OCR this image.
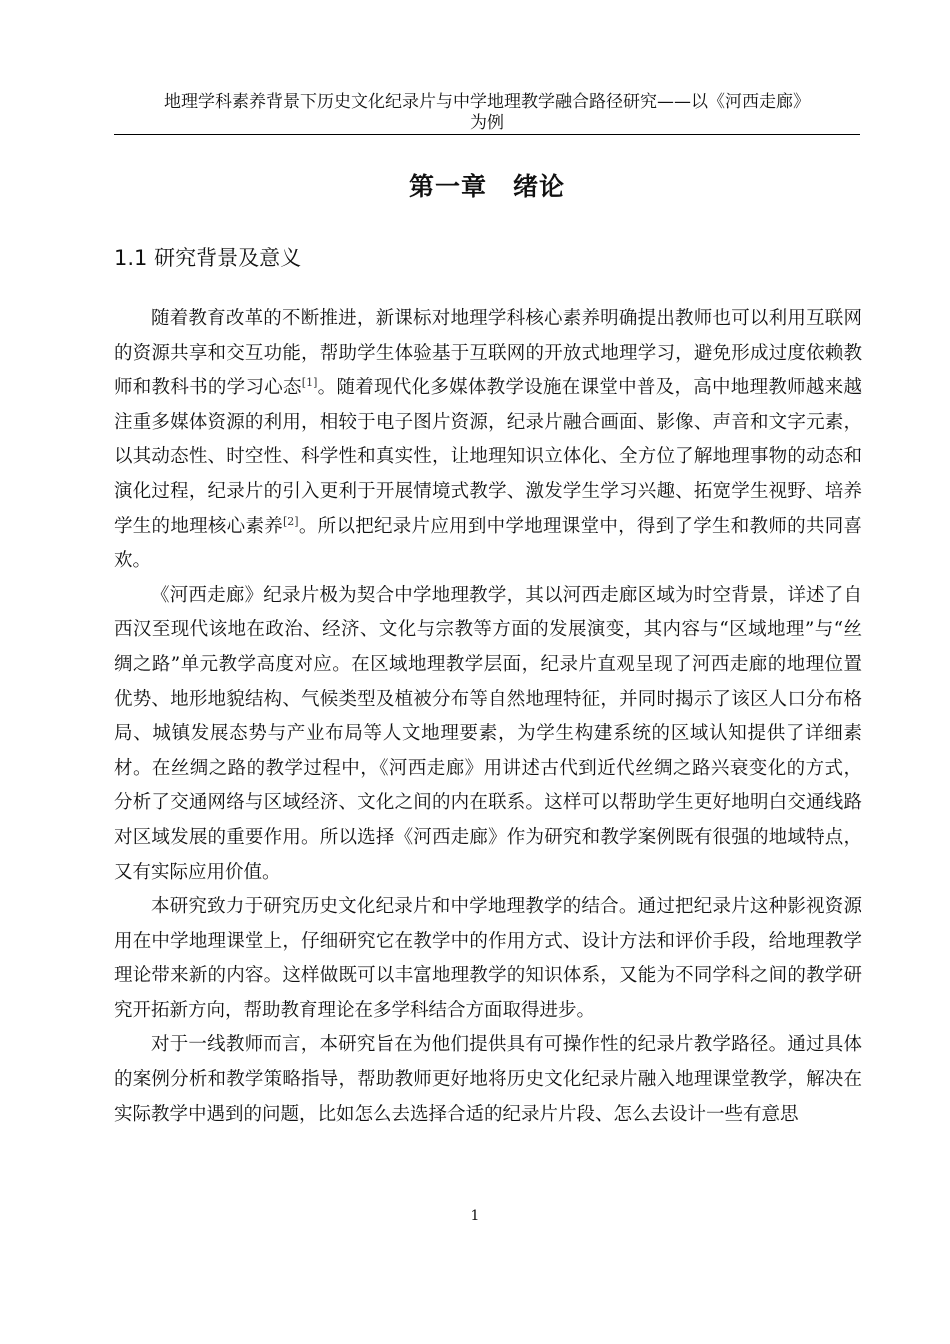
地理学科素养背景下历史文化纪录片与中学地理教学融合路径研究——以《河西走廊》
为例
第一章 绪论
1.1 研究背景及意义

随着教育改革的不断推进，新课标对地理学科核心素养明确提出教师也可以利用互联网的资源共享和交互功能，帮助学生体验基于互联网的开放式地理学习，避免形成过度依赖教师和教科书的学习心态[1]。随着现代化多媒体教学设施在课堂中普及，高中地理教师越来越注重多媒体资源的利用，相较于电子图片资源，纪录片融合画面、影像、声音和文字元素，以其动态性、时空性、科学性和真实性，让地理知识立体化、全方位了解地理事物的动态和演化过程，纪录片的引入更利于开展情境式教学、激发学生学习兴趣、拓宽学生视野、培养学生的地理核心素养[2]。所以把纪录片应用到中学地理课堂中，得到了学生和教师的共同喜欢。

《河西走廊》纪录片极为契合中学地理教学，其以河西走廊区域为时空背景，详述了自西汉至现代该地在政治、经济、文化与宗教等方面的发展演变，其内容与“区域地理”与“丝绸之路”单元教学高度对应。在区域地理教学层面，纪录片直观呈现了河西走廊的地理位置优势、地形地貌结构、气候类型及植被分布等自然地理特征，并同时揭示了该区人口分布格局、城镇发展态势与产业布局等人文地理要素，为学生构建系统的区域认知提供了详细素材。在丝绸之路的教学过程中，《河西走廊》用讲述古代到近代丝绸之路兴衰变化的方式，分析了交通网络与区域经济、文化之间的内在联系。这样可以帮助学生更好地明白交通线路对区域发展的重要作用。所以选择《河西走廊》作为研究和教学案例既有很强的地域特点，又有实际应用价值。

本研究致力于研究历史文化纪录片和中学地理教学的结合。通过把纪录片这种影视资源用在中学地理课堂上，仔细研究它在教学中的作用方式、设计方法和评价手段，给地理教学理论带来新的内容。这样做既可以丰富地理教学的知识体系，又能为不同学科之间的教学研究开拓新方向，帮助教育理论在多学科结合方面取得进步。

对于一线教师而言，本研究旨在为他们提供具有可操作性的纪录片教学路径。通过具体的案例分析和教学策略指导，帮助教师更好地将历史文化纪录片融入地理课堂教学，解决在实际教学中遇到的问题，比如怎么去选择合适的纪录片片段、怎么去设计一些有意思

1
